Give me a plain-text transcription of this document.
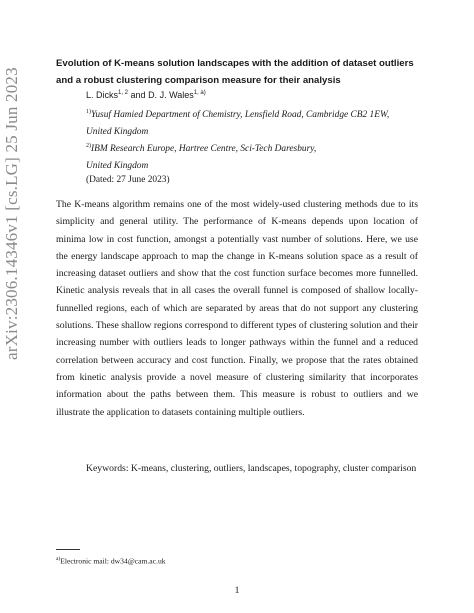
arXiv:2306.14346v1 [cs.LG] 25 Jun 2023
Evolution of K-means solution landscapes with the addition of dataset outliers and a robust clustering comparison measure for their analysis
L. Dicks$^{1, 2}$ and D. J. Wales$^{1, a)}$
$^{1)}$Yusuf Hamied Department of Chemistry, Lensfield Road, Cambridge CB2 1EW,
United Kingdom
$^{2)}$IBM Research Europe, Hartree Centre, Sci-Tech Daresbury,
United Kingdom
(Dated: 27 June 2023)

The K-means algorithm remains one of the most widely-used clustering methods due to its simplicity and general utility. The performance of K-means depends upon location of minima low in cost function, amongst a potentially vast number of solutions. Here, we use the energy landscape approach to map the change in K-means solution space as a result of increasing dataset outliers and show that the cost function surface becomes more funnelled. Kinetic analysis reveals that in all cases the overall funnel is composed of shallow locally-funnelled regions, each of which are separated by areas that do not support any clustering solutions. These shallow regions correspond to different types of clustering solution and their increasing number with outliers leads to longer pathways within the funnel and a reduced correlation between accuracy and cost function. Finally, we propose that the rates obtained from kinetic analysis provide a novel measure of clustering similarity that incorporates information about the paths between them. This measure is robust to outliers and we illustrate the application to datasets containing multiple outliers.

Keywords: K-means, clustering, outliers, landscapes, topography, cluster comparison
$^{a)}$Electronic mail: dw34@cam.ac.uk
1
